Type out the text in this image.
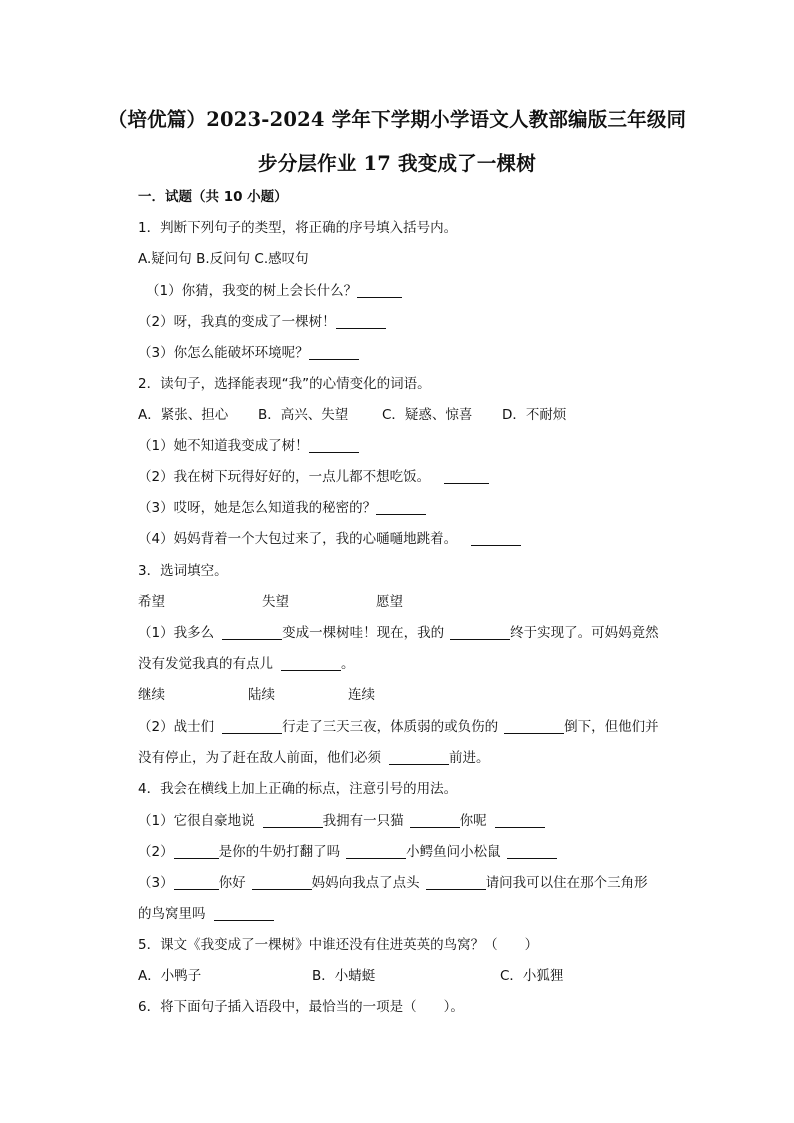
（培优篇）2023-2024 学年下学期小学语文人教部编版三年级同
步分层作业 17 我变成了一棵树
一．试题（共 10 小题）
1．判断下列句子的类型，将正确的序号填入括号内。
A.疑问句 B.反问句 C.感叹句
（1）你猜，我变的树上会长什么？
（2）呀，我真的变成了一棵树！
（3）你怎么能破坏环境呢？
2．读句子，选择能表现“我”的心情变化的词语。
A．紧张、担心 B．高兴、失望 C．疑惑、惊喜 D．不耐烦
（1）她不知道我变成了树！
（2）我在树下玩得好好的，一点儿都不想吃饭。
（3）哎呀，她是怎么知道我的秘密的？
（4）妈妈背着一个大包过来了，我的心嗵嗵地跳着。
3．选词填空。
希望	失望	愿望
（1）我多么	变成一棵树哇！现在，我的	终于实现了。可妈妈竟然
没有发觉我真的有点儿	。
继续	陆续	连续
（2）战士们	行走了三天三夜，体质弱的或负伤的	倒下，但他们并
没有停止，为了赶在敌人前面，他们必须	前进。
4．我会在横线上加上正确的标点，注意引号的用法。
（1）它很自豪地说	我拥有一只猫	你呢
（2）	是你的牛奶打翻了吗	小鳄鱼问小松鼠
（3）	你好	妈妈向我点了点头	请问我可以住在那个三角形
的鸟窝里吗
5．课文《我变成了一棵树》中谁还没有住进英英的鸟窝？（　　）
A．小鸭子	B．小蜻蜓	C．小狐狸
6．将下面句子插入语段中，最恰当的一项是（　　）。
